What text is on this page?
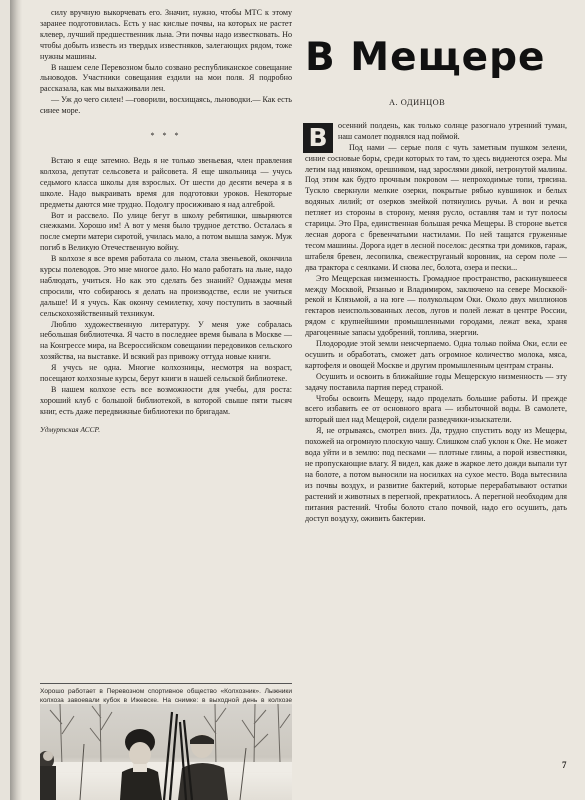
силу вручную выкорчевать его. Значит, нужно, чтобы МТС к этому заранее подготовилась. Есть у нас кислые почвы, на которых не растет клевер, лучший предшественник льна. Эти почвы надо известковать. Но чтобы добыть известь из твердых известняков, залегающих рядом, тоже нужны машины.

В нашем селе Перевозном было созвано республиканское совещание льноводов. Участники совещания ездили на мои поля. Я подробно рассказала, как мы выхаживали лен.

— Уж до чего силен! —говорили, восхищаясь, льноводки.— Как есть синее море.

* * *

Встаю я еще затемно. Ведь я не только звеньевая, член правления колхоза, депутат сельсовета и райсовета. Я еще школьница — учусь седьмого класса школы для взрослых. От шести до десяти вечера я в школе. Надо выкраивать время для подготовки уроков. Некоторые предметы даются мне трудно. Подолгу просиживаю я над алгеброй.

Вот и рассвело. По улице бегут в школу ребятишки, швыряются снежками. Хорошо им! А вот у меня было трудное детство. Осталась я после смерти матери сиротой, училась мало, а потом вышла замуж. Муж погиб в Великую Отечественную войну.

В колхозе я все время работала со льном, стала звеньевой, окончила курсы полеводов. Это мне многое дало. Но мало работать на льне, надо наблюдать, учиться. Но как это сделать без знаний? Однажды меня спросили, что собираюсь я делать на производстве, если не учиться дальше! И я учусь. Как окончу семилетку, хочу поступить в заочный сельскохозяйственный техникум.

Люблю художественную литературу. У меня уже собралась небольшая библиотечка. Я часто в последнее время бывала в Москве — на Конгрессе мира, на Всероссийском совещании передовиков сельского хозяйства, на выставке. И всякий раз привожу оттуда новые книги.

Я учусь не одна. Многие колхозницы, несмотря на возраст, посещают колхозные курсы, берут книги в нашей сельской библиотеке.

В нашем колхозе есть все возможности для учебы, для роста: хороший клуб с большой библиотекой, в которой свыше пяти тысяч книг, есть даже передвижные библиотеки по бригадам.

Удмуртская АССР.
Хорошо работает в Перевозном спортивное общество «Колхозник». Лыжники колхоза завоевали кубок в Ижевске. На снимке: в выходной день в колхозе
В Мещере
А. ОДИНЦОВ

В	осенний полдень, как только солнце разогнало утренний туман, наш самолет поднялся над поймой.

Под нами — серые поля с чуть заметным пушком зелени, синие сосновые боры, среди которых то там, то здесь виднеются озера. Мы летим над ивняком, орешником, над зарослями дикой, нетронутой малины. Под этим как будто прочным покровом — непроходимые топи, трясина. Тускло сверкнули мелкие озерки, покрытые рябью кувшинок и белых водяных лилий; от озерков змейкой потянулись ручьи. А вон и речка петляет из стороны в сторону, меняя русло, оставляя там и тут полосы старицы. Это Пра, единственная большая речка Мещеры. В стороне вьется лесная дорога с бревенчатыми настилами. По ней тащатся груженные тесом машины. Дорога идет в лесной поселок: десятка три домиков, гараж, штабеля бревен, лесопилка, свежеструганый коровник, на сером поле — два трактора с сеялками. И снова лес, болота, озера и пески...

Это Мещерская низменность. Громадное пространство, раскинувшееся между Москвой, Рязанью и Владимиром, заключено на севере Москвой-рекой и Клязьмой, а на юге — полукольцом Оки. Около двух миллионов гектаров неиспользованных лесов, лугов и полей лежат в центре России, рядом с крупнейшими промышленными городами, лежат века, храня драгоценные запасы удобрений, топлива, энергии.

Плодородие этой земли неисчерпаемо. Одна только пойма Оки, если ее осушить и обработать, сможет дать огромное количество молока, мяса, картофеля и овощей Москве и другим промышленным центрам страны.

Осушить и освоить в ближайшие годы Мещерскую низменность — эту задачу поставила партия перед страной.

Чтобы освоить Мещеру, надо проделать большие работы. И прежде всего избавить ее от основного врага — избыточной воды. В самолете, который шел над Мещерой, сидели разведчики-изыскатели.

Я, не отрываясь, смотрел вниз. Да, трудно спустить воду из Мещеры, похожей на огромную плоскую чашу. Слишком слаб уклон к Оке. Не может вода уйти и в землю: под песками — плотные глины, а порой известняки, не пропускающие влагу. Я видел, как даже в жаркое лето дожди выпали тут на болоте, а потом выносили на носилках на сухое место. Вода вытеснила из почвы воздух, и развитие бактерий, которые перерабатывают остатки растений и животных в перегной, прекратилось. А перегной необходим для питания растений. Чтобы болото стало почвой, надо его осушить, дать доступ воздуху, оживить бактерии.

7
